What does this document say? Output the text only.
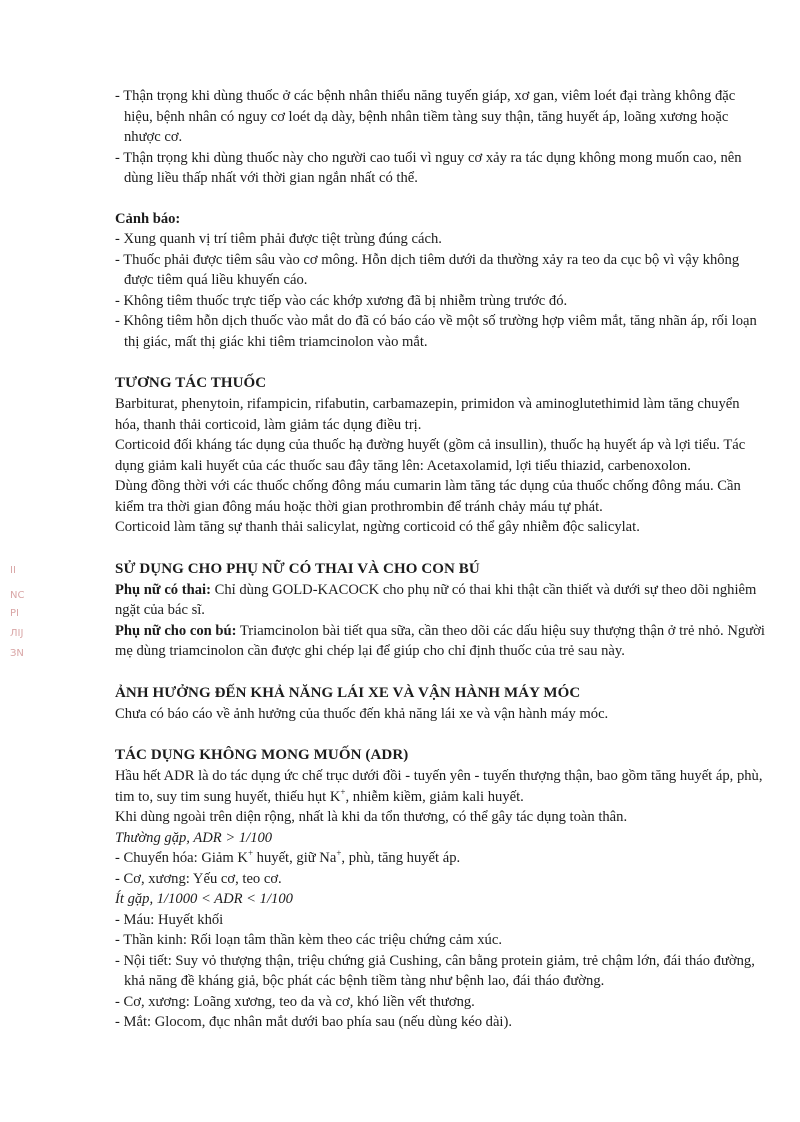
ⅠⅠ
NC
PI
ЛIJ
ЗN

- Thận trọng khi dùng thuốc ở các bệnh nhân thiểu năng tuyến giáp, xơ gan, viêm loét đại tràng không đặc hiệu, bệnh nhân có nguy cơ loét dạ dày, bệnh nhân tiềm tàng suy thận, tăng huyết áp, loãng xương hoặc nhược cơ.

- Thận trọng khi dùng thuốc này cho người cao tuổi vì nguy cơ xảy ra tác dụng không mong muốn cao, nên dùng liều thấp nhất với thời gian ngắn nhất có thể.

Cảnh báo:

- Xung quanh vị trí tiêm phải được tiệt trùng đúng cách.

- Thuốc phải được tiêm sâu vào cơ mông. Hỗn dịch tiêm dưới da thường xảy ra teo da cục bộ vì vậy không được tiêm quá liều khuyến cáo.

- Không tiêm thuốc trực tiếp vào các khớp xương đã bị nhiễm trùng trước đó.

- Không tiêm hỗn dịch thuốc vào mắt do đã có báo cáo về một số trường hợp viêm mắt, tăng nhãn áp, rối loạn thị giác, mất thị giác khi tiêm triamcinolon vào mắt.

TƯƠNG TÁC THUỐC

Barbiturat, phenytoin, rifampicin, rifabutin, carbamazepin, primidon và aminoglutethimid làm tăng chuyển hóa, thanh thải corticoid, làm giảm tác dụng điều trị.

Corticoid đối kháng tác dụng của thuốc hạ đường huyết (gồm cả insullin), thuốc hạ huyết áp và lợi tiểu. Tác dụng giảm kali huyết của các thuốc sau đây tăng lên: Acetaxolamid, lợi tiểu thiazid, carbenoxolon.

Dùng đồng thời với các thuốc chống đông máu cumarin làm tăng tác dụng của thuốc chống đông máu. Cần kiểm tra thời gian đông máu hoặc thời gian prothrombin để tránh chảy máu tự phát.

Corticoid làm tăng sự thanh thải salicylat, ngừng corticoid có thể gây nhiễm độc salicylat.

SỬ DỤNG CHO PHỤ NỮ CÓ THAI VÀ CHO CON BÚ

Phụ nữ có thai: Chỉ dùng GOLD-KACOCK cho phụ nữ có thai khi thật cần thiết và dưới sự theo dõi nghiêm ngặt của bác sĩ.

Phụ nữ cho con bú: Triamcinolon bài tiết qua sữa, cần theo dõi các dấu hiệu suy thượng thận ở trẻ nhỏ. Người mẹ dùng triamcinolon cần được ghi chép lại để giúp cho chỉ định thuốc của trẻ sau này.

ẢNH HƯỞNG ĐẾN KHẢ NĂNG LÁI XE VÀ VẬN HÀNH MÁY MÓC

Chưa có báo cáo về ảnh hưởng của thuốc đến khả năng lái xe và vận hành máy móc.

TÁC DỤNG KHÔNG MONG MUỐN (ADR)

Hầu hết ADR là do tác dụng ức chế trục dưới đồi - tuyến yên - tuyến thượng thận, bao gồm tăng huyết áp, phù, tim to, suy tim sung huyết, thiếu hụt K+, nhiễm kiềm, giảm kali huyết.

Khi dùng ngoài trên diện rộng, nhất là khi da tổn thương, có thể gây tác dụng toàn thân.

Thường gặp, ADR > 1/100

- Chuyển hóa: Giảm K+ huyết, giữ Na+, phù, tăng huyết áp.

- Cơ, xương: Yếu cơ, teo cơ.

Ít gặp, 1/1000 < ADR < 1/100

- Máu: Huyết khối

- Thần kinh: Rối loạn tâm thần kèm theo các triệu chứng cảm xúc.

- Nội tiết: Suy vỏ thượng thận, triệu chứng giả Cushing, cân bằng protein giảm, trẻ chậm lớn, đái tháo đường, khả năng đề kháng giả, bộc phát các bệnh tiềm tàng như bệnh lao, đái tháo đường.

- Cơ, xương: Loãng xương, teo da và cơ, khó liền vết thương.

- Mắt: Glocom, đục nhân mắt dưới bao phía sau (nếu dùng kéo dài).
